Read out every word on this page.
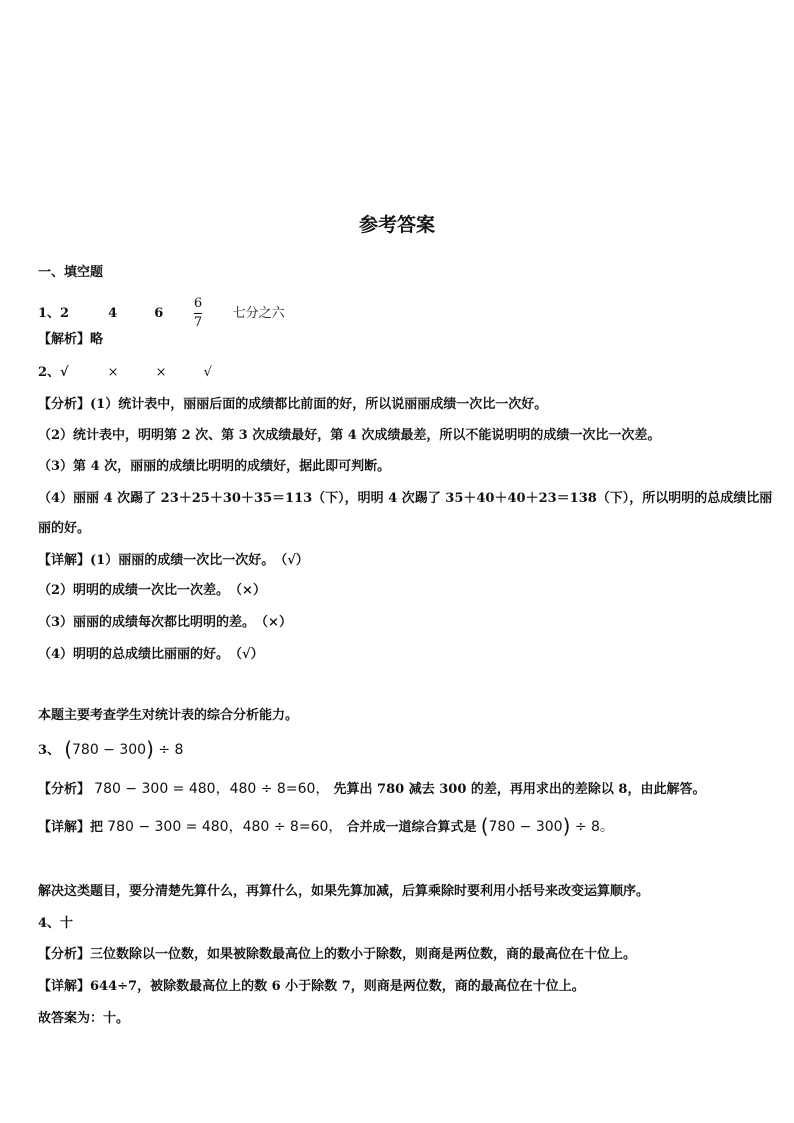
参考答案
一、填空题
1、2	4	$6 \frac{6}{7}$ 七分之六
【解析】略
2、√	×	×	√
【分析】(1）统计表中，丽丽后面的成绩都比前面的好，所以说丽丽成绩一次比一次好。
（2）统计表中，明明第 2 次、第 3 次成绩最好，第 4 次成绩最差，所以不能说明明的成绩一次比一次差。
（3）第 4 次，丽丽的成绩比明明的成绩好，据此即可判断。
（4）丽丽 4 次踢了 23＋25＋30＋35＝113（下），明明 4 次踢了 35＋40＋40＋23＝138（下），所以明明的总成绩比丽
丽的好。
【详解】(1）丽丽的成绩一次比一次好。　（√）
（2）明明的成绩一次比一次差。　（×）
（3）丽丽的成绩每次都比明明的差。　（×）
（4）明明的总成绩比丽丽的好。　（√）
本题主要考查学生对统计表的综合分析能力。
3、 (780 − 300) ÷ 8
【分析】 780 − 300 = 480，480 ÷ 8=60， 先算出 780 减去 300 的差，再用求出的差除以 8，由此解答。
【详解】把 780 − 300 = 480，480 ÷ 8=60， 合并成一道综合算式是 (780 − 300) ÷ 8。
解决这类题目，要分清楚先算什么，再算什么，如果先算加减，后算乘除时要利用小括号来改变运算顺序。
4、十
【分析】三位数除以一位数，如果被除数最高位上的数小于除数，则商是两位数，商的最高位在十位上。
【详解】644÷7，被除数最高位上的数 6 小于除数 7，则商是两位数，商的最高位在十位上。
故答案为：十。
